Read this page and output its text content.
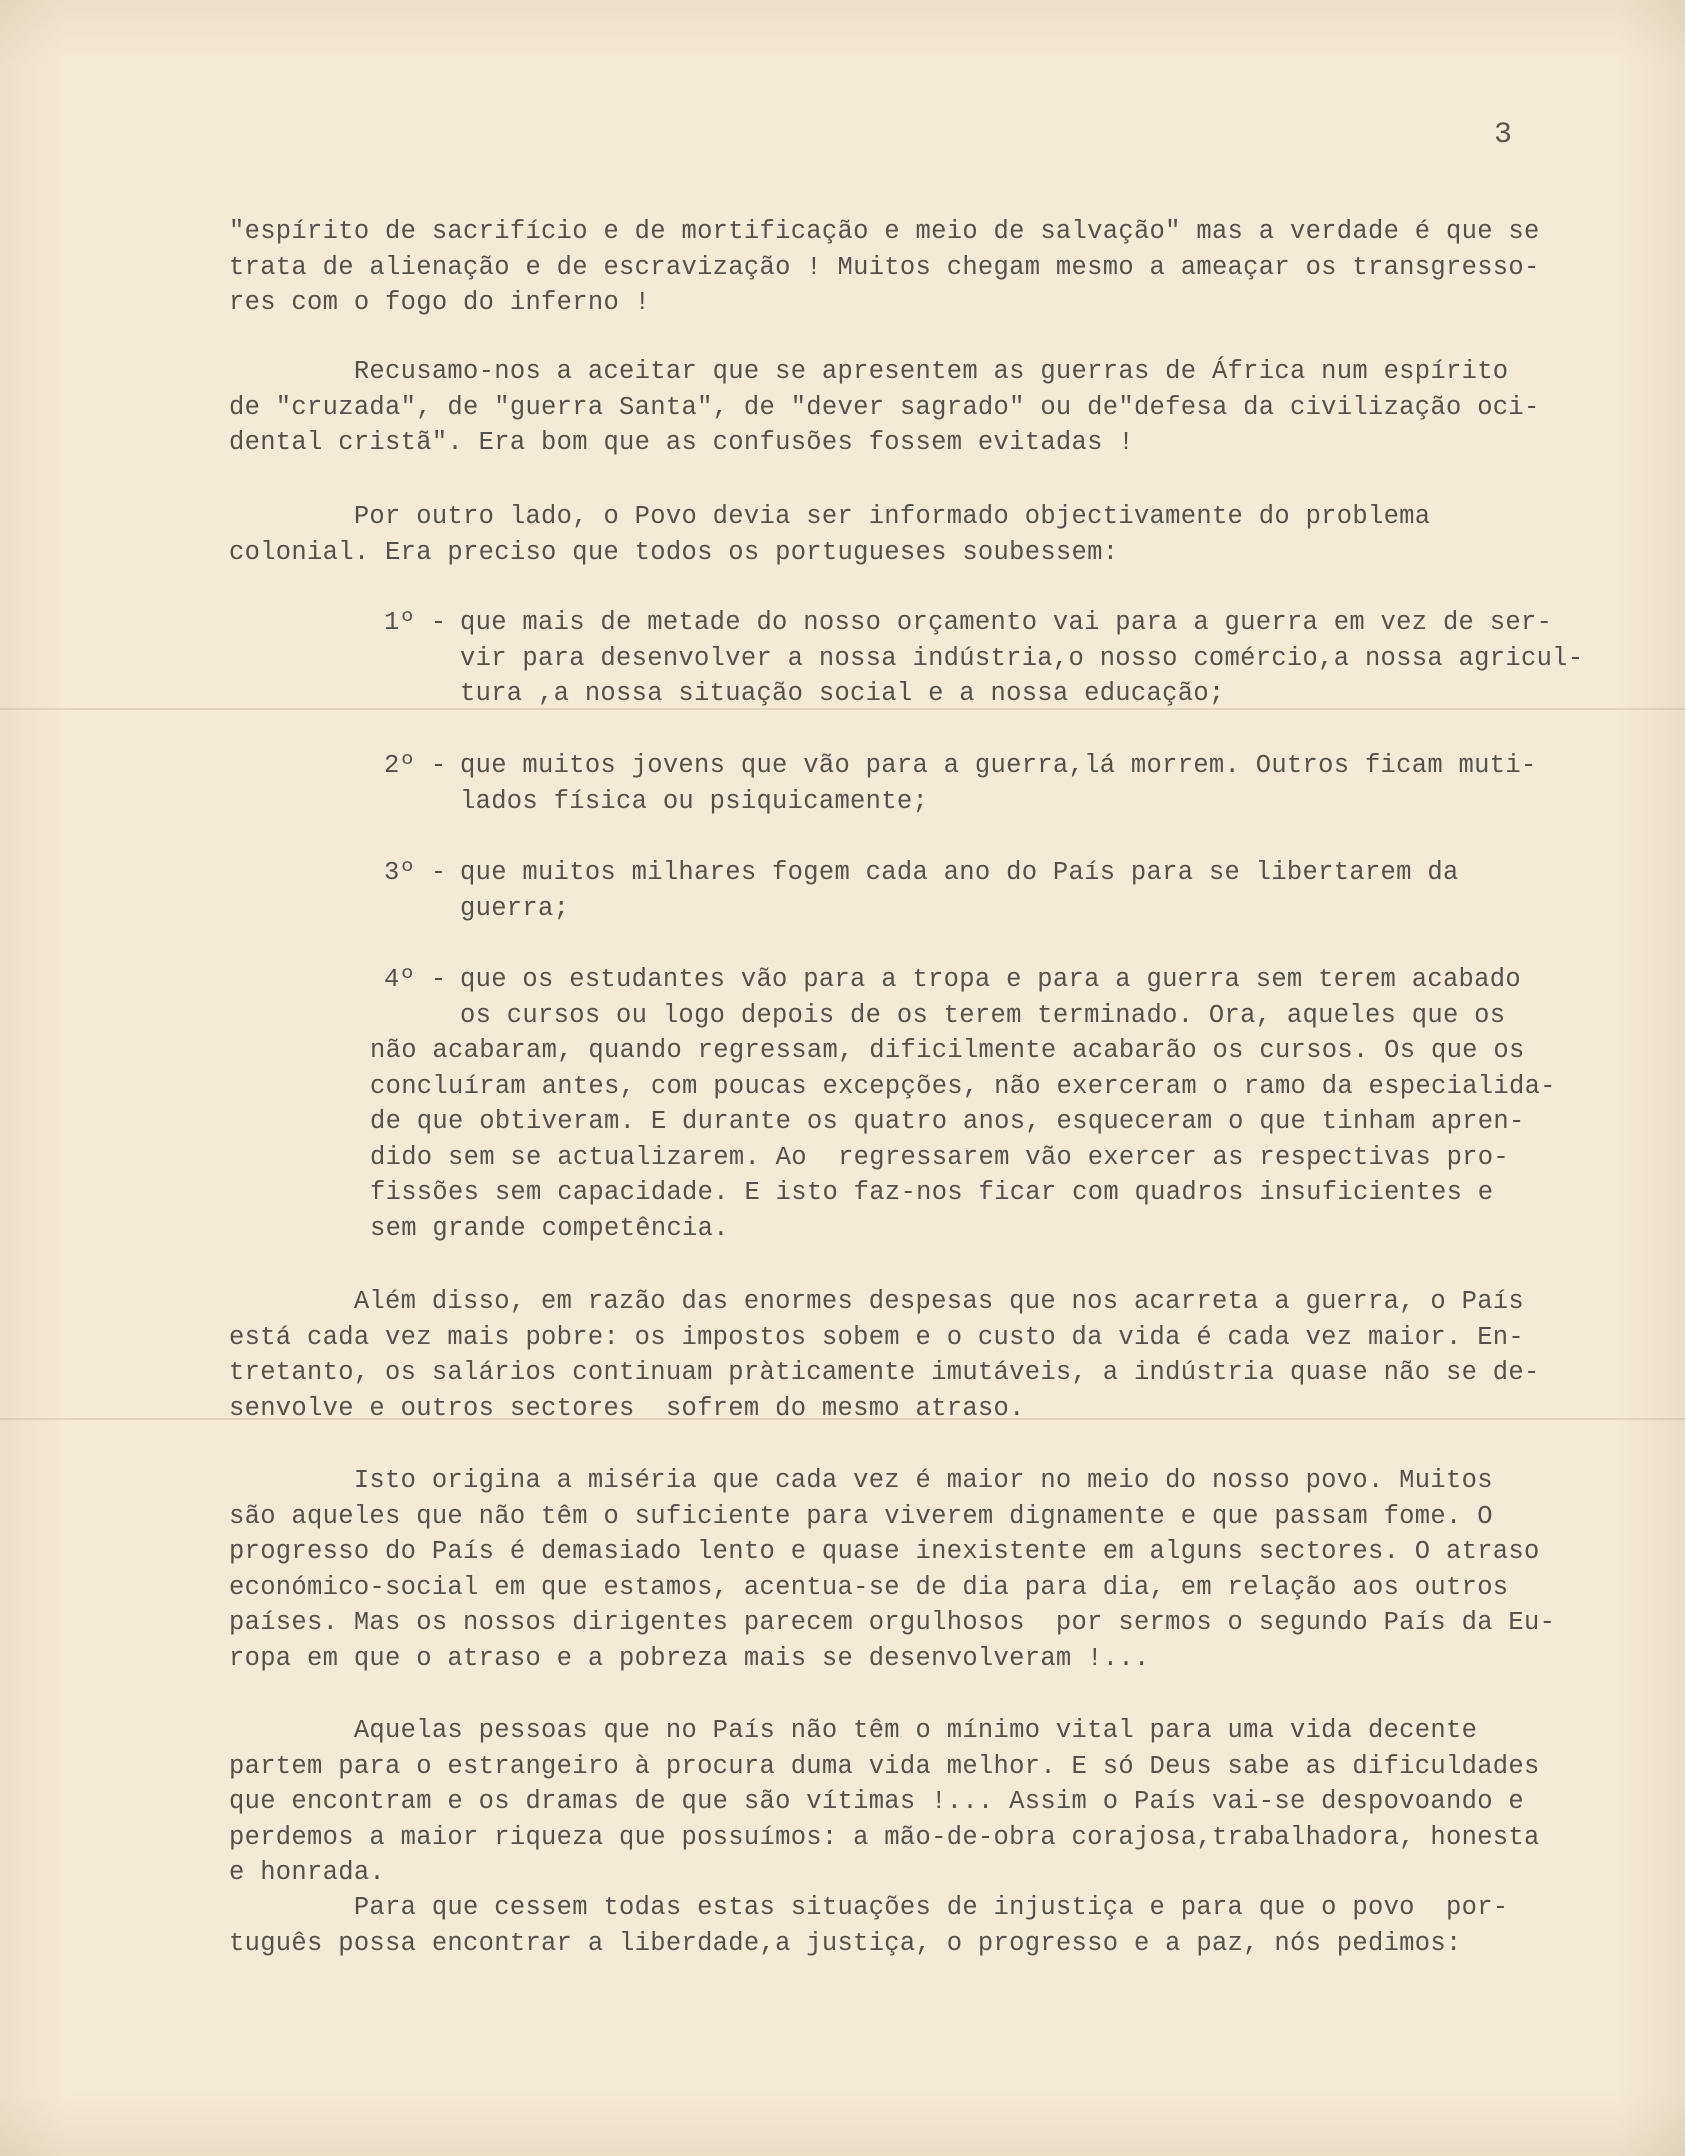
3
"espírito de sacrifício e de mortificação e meio de salvação" mas a verdade é que se
trata de alienação e de escravização ! Muitos chegam mesmo a ameaçar os transgresso-
res com o fogo do inferno !
Recusamo-nos a aceitar que se apresentem as guerras de África num espírito
de "cruzada", de "guerra Santa", de "dever sagrado" ou de"defesa da civilização oci-
dental cristã". Era bom que as confusões fossem evitadas !
Por outro lado, o Povo devia ser informado objectivamente do problema
colonial. Era preciso que todos os portugueses soubessem:
1º - que mais de metade do nosso orçamento vai para a guerra em vez de ser-
vir para desenvolver a nossa indústria,o nosso comércio,a nossa agricul-
tura ,a nossa situação social e a nossa educação;
2º - que muitos jovens que vão para a guerra,lá morrem. Outros ficam muti-
lados física ou psiquicamente;
3º - que muitos milhares fogem cada ano do País para se libertarem da
guerra;
4º - que os estudantes vão para a tropa e para a guerra sem terem acabado
os cursos ou logo depois de os terem terminado. Ora, aqueles que os
não acabaram, quando regressam, dificilmente acabarão os cursos. Os que os
concluíram antes, com poucas excepções, não exerceram o ramo da especialida-
de que obtiveram. E durante os quatro anos, esqueceram o que tinham apren-
dido sem se actualizarem. Ao  regressarem vão exercer as respectivas pro-
fissões sem capacidade. E isto faz-nos ficar com quadros insuficientes e
sem grande competência.
Além disso, em razão das enormes despesas que nos acarreta a guerra, o País
está cada vez mais pobre: os impostos sobem e o custo da vida é cada vez maior. En-
tretanto, os salários continuam pràticamente imutáveis, a indústria quase não se de-
senvolve e outros sectores  sofrem do mesmo atraso.
Isto origina a miséria que cada vez é maior no meio do nosso povo. Muitos
são aqueles que não têm o suficiente para viverem dignamente e que passam fome. O
progresso do País é demasiado lento e quase inexistente em alguns sectores. O atraso
económico-social em que estamos, acentua-se de dia para dia, em relação aos outros
países. Mas os nossos dirigentes parecem orgulhosos  por sermos o segundo País da Eu-
ropa em que o atraso e a pobreza mais se desenvolveram !...
Aquelas pessoas que no País não têm o mínimo vital para uma vida decente
partem para o estrangeiro à procura duma vida melhor. E só Deus sabe as dificuldades
que encontram e os dramas de que são vítimas !... Assim o País vai-se despovoando e
perdemos a maior riqueza que possuímos: a mão-de-obra corajosa,trabalhadora, honesta
e honrada.
Para que cessem todas estas situações de injustiça e para que o povo  por-
tuguês possa encontrar a liberdade,a justiça, o progresso e a paz, nós pedimos:
